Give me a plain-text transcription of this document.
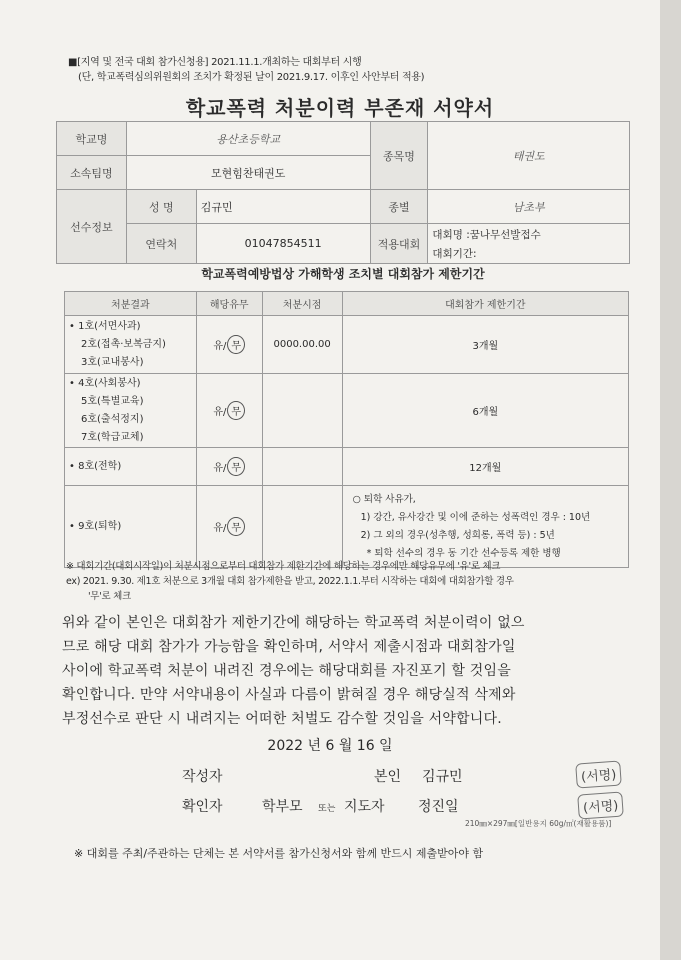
■[지역 및 전국 대회 참가신청용] 2021.11.1.개최하는 대회부터 시행
(단, 학교폭력심의위원회의 조치가 확정된 날이 2021.9.17. 이후인 사안부터 적용)
학교폭력 처분이력 부존재 서약서
학교명	용산초등학교		종목명	태권도
소속팀명	모현힘찬태권도			
선수정보	성 명	김규민	종별	남초부
	연락처	01047854511	적용대회	대회명 :꿈나무선발접수
대회기간:
학교폭력예방법상 가해학생 조치별 대회참가 제한기간
처분결과	해당유무	처분시점	대회참가 제한기간

• 1호(서면사과)
2호(접촉·보복금지)
3호(교내봉사)	유/ 무	0000.00.00	3개월

• 4호(사회봉사)
5호(특별교육)
6호(출석정지)
7호(학급교체)	유/ 무		6개월

• 8호(전학)	유/ 무		12개월

• 9호(퇴학)	유/ 무		○ 퇴학 사유가,
1) 강간, 유사강간 및 이에 준하는 성폭력인 경우 : 10년
2) 그 외의 경우(성추행, 성희롱, 폭력 등) : 5년
* 퇴학 선수의 경우 동 기간 선수등록 제한 병행
※ 대회기간(대회시작일)이 처분시점으로부터 대회참가 제한기간에 해당하는 경우에만 해당유무에 '유'로 체크
ex) 2021. 9.30. 제1호 처분으로 3개월 대회 참가제한을 받고, 2022.1.1.부터 시작하는 대회에 대회참가할 경우
'무'로 체크
위와 같이 본인은 대회참가 제한기간에 해당하는 학교폭력 처분이력이 없으
므로 해당 대회 참가가 가능함을 확인하며, 서약서 제출시점과 대회참가일
사이에 학교폭력 처분이 내려진 경우에는 해당대회를 자진포기 할 것임을
확인합니다. 만약 서약내용이 사실과 다름이 밝혀질 경우 해당실적 삭제와
부정선수로 판단 시 내려지는 어떠한 처벌도 감수할 것임을 서약합니다.
2022 년 6 월 16 일
작성자	본인 김규민	(서명)
확인자	학부모 또는 지도자 정진일	(서명)
210㎜×297㎜[일반용지 60g/㎡(재활용품)]
※ 대회를 주최/주관하는 단체는 본 서약서를 참가신청서와 함께 반드시 제출받아야 함
